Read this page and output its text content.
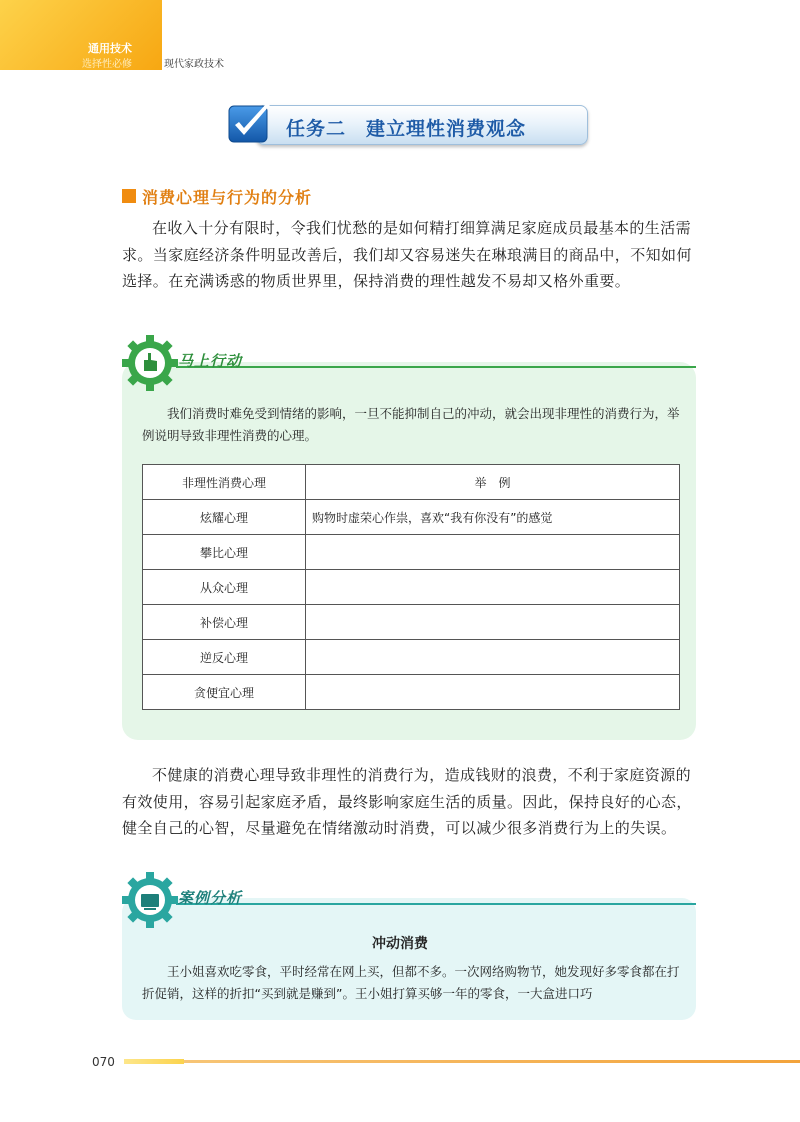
通用技术
选择性必修	现代家政技术
任务二　建立理性消费观念
消费心理与行为的分析
在收入十分有限时，令我们忧愁的是如何精打细算满足家庭成员最基本的生活需求。当家庭经济条件明显改善后，我们却又容易迷失在琳琅满目的商品中，不知如何选择。在充满诱惑的物质世界里，保持消费的理性越发不易却又格外重要。
马上行动
我们消费时难免受到情绪的影响，一旦不能抑制自己的冲动，就会出现非理性的消费行为，举例说明导致非理性消费的心理。
非理性消费心理	举　例
炫耀心理	购物时虚荣心作祟，喜欢“我有你没有”的感觉
攀比心理	
从众心理	
补偿心理	
逆反心理	
贪便宜心理	
不健康的消费心理导致非理性的消费行为，造成钱财的浪费，不利于家庭资源的有效使用，容易引起家庭矛盾，最终影响家庭生活的质量。因此，保持良好的心态，健全自己的心智，尽量避免在情绪激动时消费，可以减少很多消费行为上的失误。
案例分析
冲动消费
王小姐喜欢吃零食，平时经常在网上买，但都不多。一次网络购物节，她发现好多零食都在打折促销，这样的折扣“买到就是赚到”。王小姐打算买够一年的零食，一大盒进口巧
070
